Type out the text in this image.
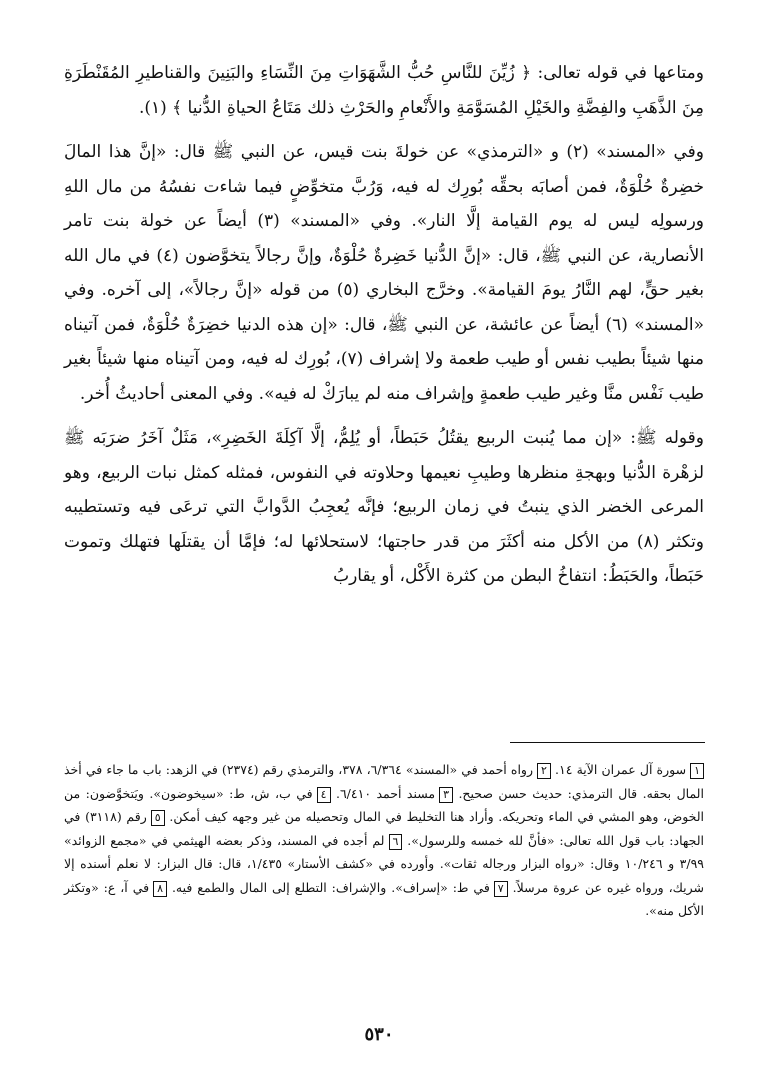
ومتاعها في قوله تعالى: ﴿ زُيِّنَ للنَّاسِ حُبُّ الشَّهَوَاتِ مِنَ النِّسَاءِ والبَنِينَ والقناطيرِ المُقَنْطَرَةِ مِنَ الذَّهَبِ والفِضَّةِ والخَيْلِ المُسَوَّمَةِ والأَنْعامِ والحَرْثِ ذلك مَتَاعُ الحياةِ الدُّنيا ﴾ (١).

وفي «المسند» (٢) و «الترمذي» عن خولةَ بنت قيس، عن النبي ﷺ قال: «إنَّ هذا المالَ خضِرةٌ حُلْوَةٌ، فمن أصابَه بحقِّه بُورِك له فيه، وَرُبَّ متخوِّضٍ فيما شاءت نفسُهُ من مال اللهِ ورسولِه ليس له يوم القيامة إلَّا النار». وفي «المسند» (٣) أيضاً عن خولة بنت تامر الأنصارية، عن النبي ﷺ، قال: «إنَّ الدُّنيا خَضِرةٌ حُلْوَةٌ، وإنَّ رجالاً يتخوَّضون (٤) في مال الله بغير حقٍّ، لهم النَّارُ يومَ القيامة». وخرَّج البخاري (٥) من قوله «إنَّ رجالاً»، إلى آخره. وفي «المسند» (٦) أيضاً عن عائشة، عن النبي ﷺ، قال: «إن هذه الدنيا خضِرَةٌ حُلْوَةٌ، فمن آتيناه منها شيئاً بطيب نفس أو طيب طعمة ولا إشراف (٧)، بُورِك له فيه، ومن آتيناه منها شيئاً بغير طيب نَفْس منَّا وغير طيب طعمةٍ وإشراف منه لم يبارَكْ له فيه». وفي المعنى أحاديثُ أُخر.

وقوله ﷺ: «إن مما يُنبت الربيع يقتُلُ حَبَطاً، أو يُلِمُّ، إلَّا آكِلَةَ الخَضِرِ»، مَثَلٌ آخَرُ ضرَبَه ﷺ لزهْرة الدُّنيا وبهجةِ منظرها وطيبِ نعيمها وحلاوته في النفوس، فمثله كمثل نبات الربيع، وهو المرعى الخضر الذي ينبتُ في زمان الربيع؛ فإنَّه يُعجِبُ الدَّوابَّ التي ترعَى فيه وتستطيبه وتكثر (٨) من الأكل منه أكثَرَ من قدر حاجتها؛ لاستحلائها له؛ فإمَّا أن يقتلَها فتهلك وتموت حَبَطاً، والحَبَطُ: انتفاخُ البطن من كثرة الأَكْل، أو يقاربُ

١سورة آل عمران الآية ١٤. ٢رواه أحمد في «المسند» ٦/٣٦٤، ٣٧٨، والترمذي رقم (٢٣٧٤) في الزهد: باب ما جاء في أخذ المال بحقه. قال الترمذي: حديث حسن صحيح. ٣مسند أحمد ٦/٤١٠. ٤في ب، ش، ط: «سيخوضون». ويَتخوَّضون: من الخوض، وهو المشي في الماء وتحريكه. وأراد هنا التخليط في المال وتحصيله من غير وجهه كيف أمكن. ٥رقم (٣١١٨) في الجهاد: باب قول الله تعالى: «فأنَّ لله خمسه وللرسول». ٦لم أجده في المسند، وذكر بعضه الهيثمي في «مجمع الزوائد» ٣/٩٩ و ١٠/٢٤٦ وقال: «رواه البزار ورجاله ثقات». وأورده في «كشف الأستار» ١/٤٣٥، قال: قال البزار: لا نعلم أسنده إلا شريك، ورواه غيره عن عروة مرسلاً. ٧في ط: «إسراف». والإشراف: التطلع إلى المال والطمع فيه. ٨في آ، ع: «وتكثر الأكل منه».
٥٣٠
